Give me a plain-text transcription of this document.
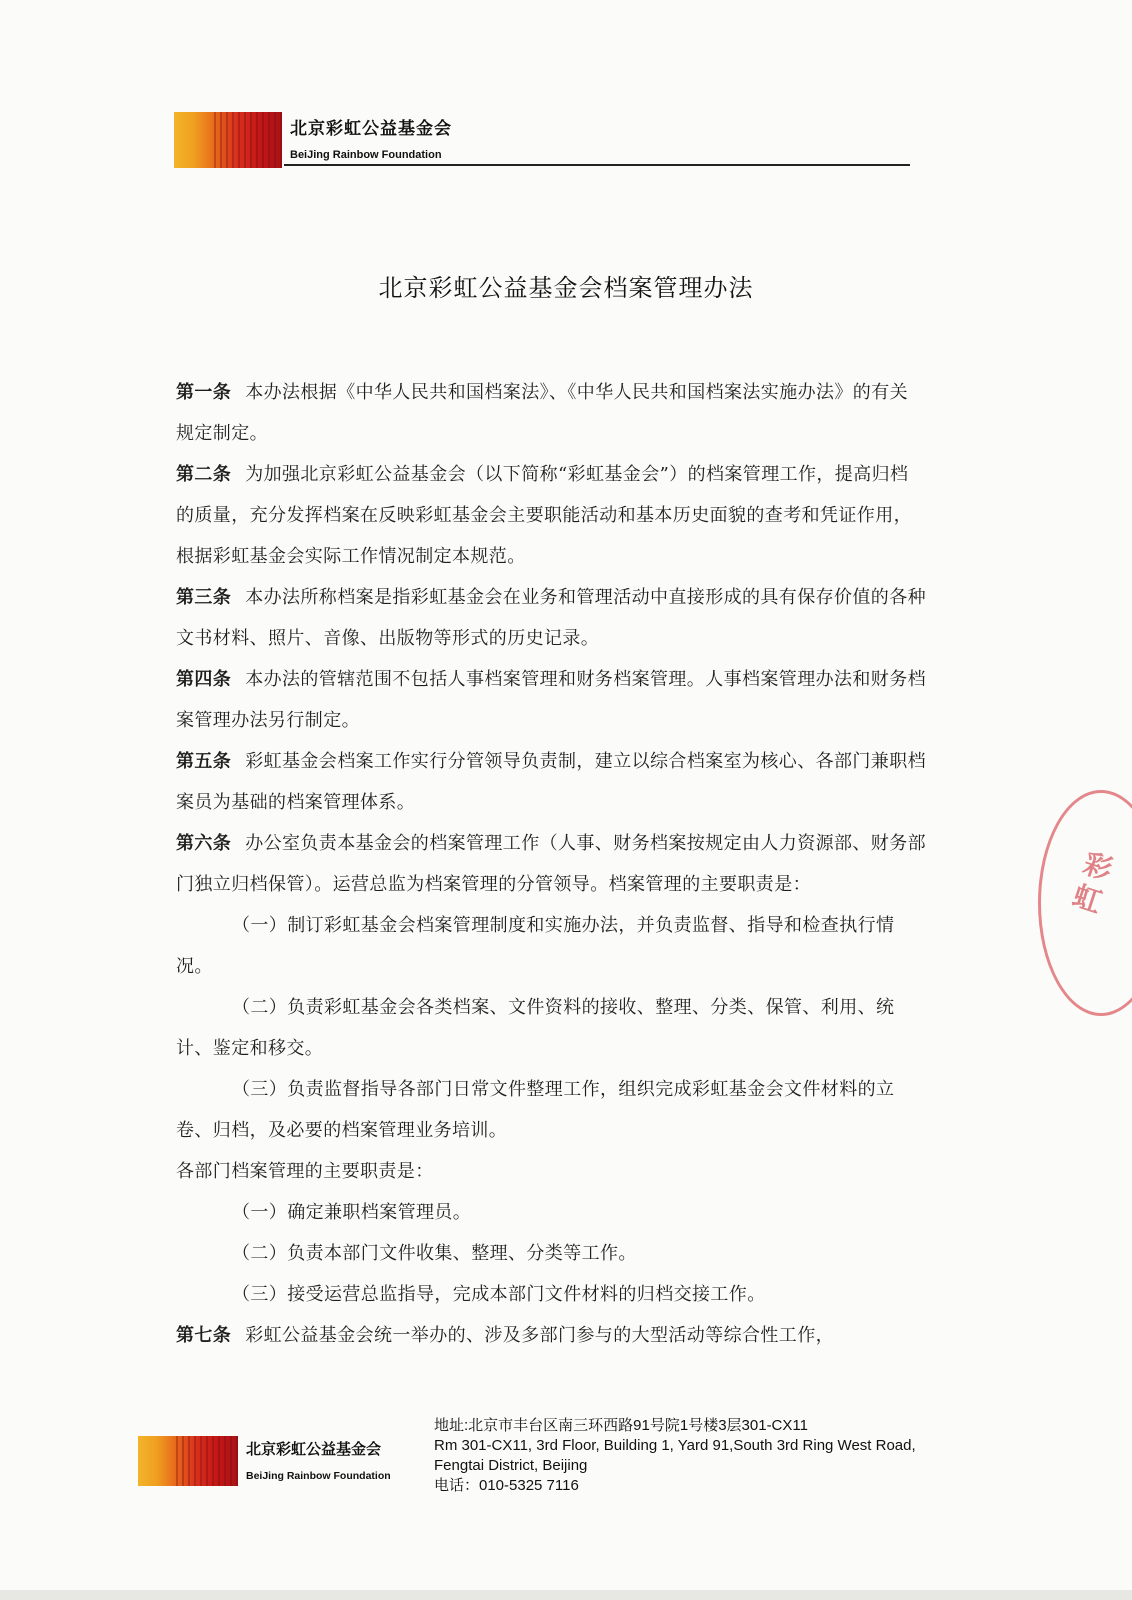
北京彩虹公益基金会
BeiJing Rainbow Foundation
北京彩虹公益基金会档案管理办法

第一条 本办法根据《中华人民共和国档案法》、《中华人民共和国档案法实施办法》的有关规定制定。

第二条 为加强北京彩虹公益基金会（以下简称“彩虹基金会”）的档案管理工作，提高归档的质量，充分发挥档案在反映彩虹基金会主要职能活动和基本历史面貌的查考和凭证作用，根据彩虹基金会实际工作情况制定本规范。

第三条 本办法所称档案是指彩虹基金会在业务和管理活动中直接形成的具有保存价值的各种文书材料、照片、音像、出版物等形式的历史记录。

第四条 本办法的管辖范围不包括人事档案管理和财务档案管理。人事档案管理办法和财务档案管理办法另行制定。

第五条 彩虹基金会档案工作实行分管领导负责制，建立以综合档案室为核心、各部门兼职档案员为基础的档案管理体系。

第六条 办公室负责本基金会的档案管理工作（人事、财务档案按规定由人力资源部、财务部门独立归档保管）。运营总监为档案管理的分管领导。档案管理的主要职责是：

（一）制订彩虹基金会档案管理制度和实施办法，并负责监督、指导和检查执行情况。

（二）负责彩虹基金会各类档案、文件资料的接收、整理、分类、保管、利用、统计、鉴定和移交。

（三）负责监督指导各部门日常文件整理工作，组织完成彩虹基金会文件材料的立卷、归档，及必要的档案管理业务培训。

各部门档案管理的主要职责是：

（一）确定兼职档案管理员。

（二）负责本部门文件收集、整理、分类等工作。

（三）接受运营总监指导，完成本部门文件材料的归档交接工作。

第七条 彩虹公益基金会统一举办的、涉及多部门参与的大型活动等综合性工作，

彩虹
北京彩虹公益基金会
BeiJing Rainbow Foundation
地址:北京市丰台区南三环西路91号院1号楼3层301-CX11
Rm 301-CX11, 3rd Floor, Building 1, Yard 91,South 3rd Ring West Road,
Fengtai District, Beijing
电话：010-5325 7116
